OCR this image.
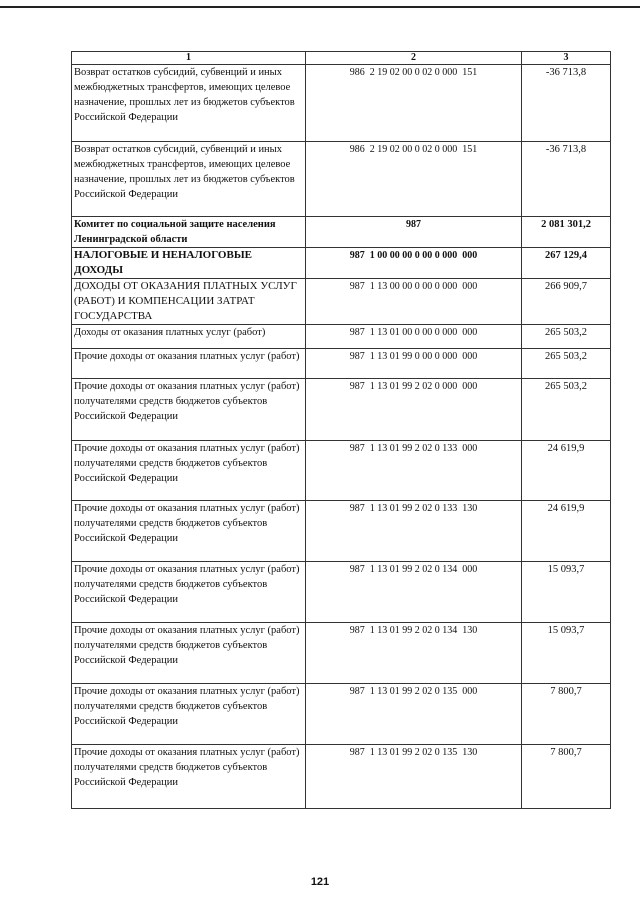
1	2	3
Возврат остатков субсидий, субвенций и иных межбюджетных трансфертов, имеющих целевое назначение, прошлых лет из бюджетов субъектов Российской Федерации	986  2 19 02 00 0 02 0 000  151	-36 713,8
Возврат остатков субсидий, субвенций и иных межбюджетных трансфертов, имеющих целевое назначение, прошлых лет из бюджетов субъектов Российской Федерации	986  2 19 02 00 0 02 0 000  151	-36 713,8
Комитет по социальной защите населения Ленинградской области	987	2 081 301,2
НАЛОГОВЫЕ И НЕНАЛОГОВЫЕ ДОХОДЫ	987  1 00 00 00 0 00 0 000  000	267 129,4
ДОХОДЫ ОТ ОКАЗАНИЯ ПЛАТНЫХ УСЛУГ (РАБОТ) И КОМПЕНСАЦИИ ЗАТРАТ ГОСУДАРСТВА	987  1 13 00 00 0 00 0 000  000	266 909,7
Доходы от оказания платных услуг (работ)	987  1 13 01 00 0 00 0 000  000	265 503,2
Прочие доходы от оказания платных услуг (работ)	987  1 13 01 99 0 00 0 000  000	265 503,2
Прочие доходы от оказания платных услуг (работ) получателями средств бюджетов субъектов Российской Федерации	987  1 13 01 99 2 02 0 000  000	265 503,2
Прочие доходы от оказания платных услуг (работ) получателями средств бюджетов субъектов Российской Федерации	987  1 13 01 99 2 02 0 133  000	24 619,9
Прочие доходы от оказания платных услуг (работ) получателями средств бюджетов субъектов Российской Федерации	987  1 13 01 99 2 02 0 133  130	24 619,9
Прочие доходы от оказания платных услуг (работ) получателями средств бюджетов субъектов Российской Федерации	987  1 13 01 99 2 02 0 134  000	15 093,7
Прочие доходы от оказания платных услуг (работ) получателями средств бюджетов субъектов Российской Федерации	987  1 13 01 99 2 02 0 134  130	15 093,7
Прочие доходы от оказания платных услуг (работ) получателями средств бюджетов субъектов Российской Федерации	987  1 13 01 99 2 02 0 135  000	7 800,7
Прочие доходы от оказания платных услуг (работ) получателями средств бюджетов субъектов Российской Федерации	987  1 13 01 99 2 02 0 135  130	7 800,7
121
